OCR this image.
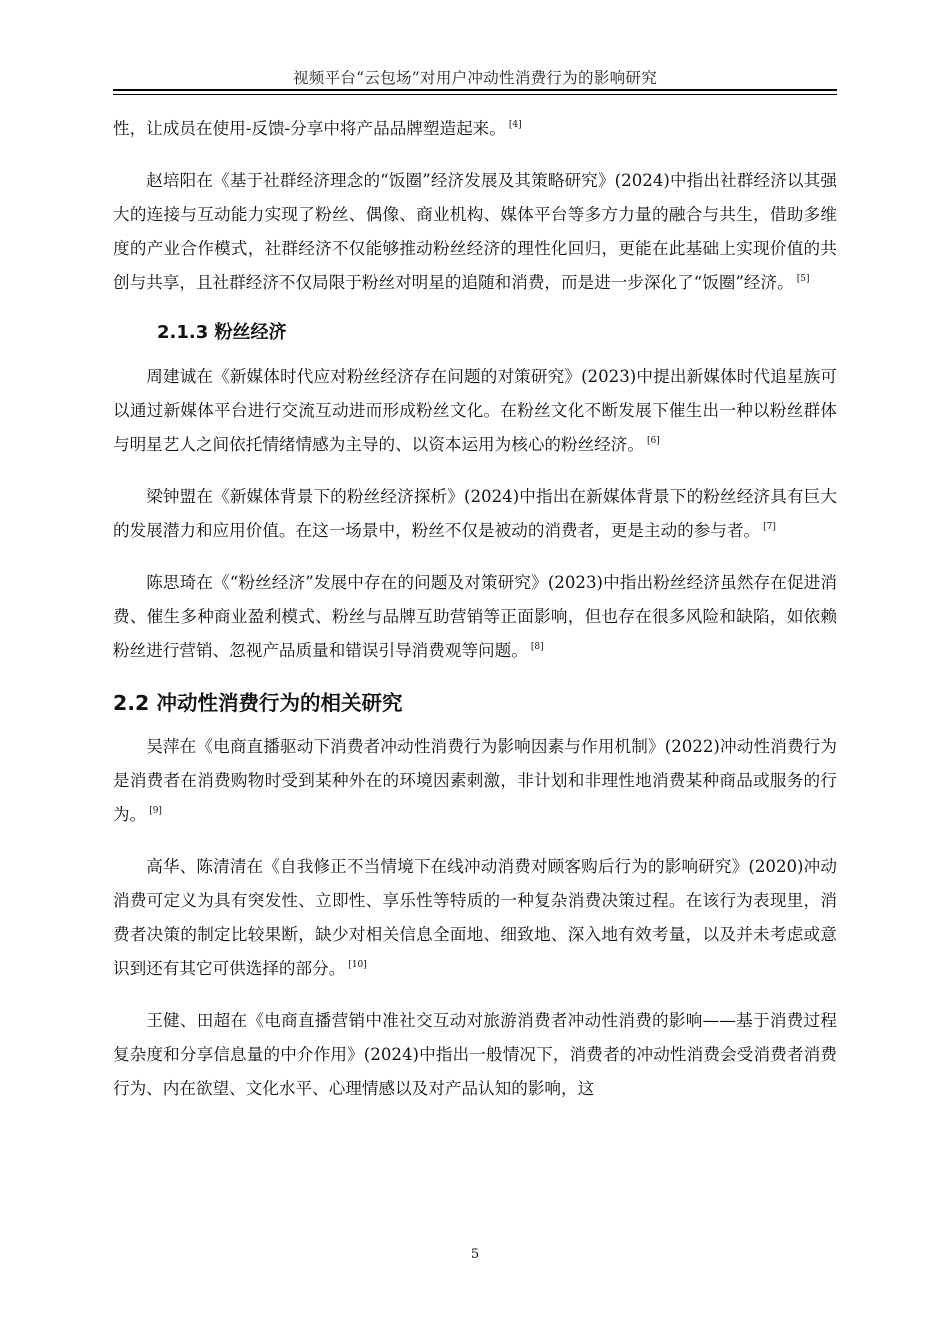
视频平台“云包场”对用户冲动性消费行为的影响研究

性，让成员在使用-反馈-分享中将产品品牌塑造起来。 [4]

赵培阳在《基于社群经济理念的“饭圈”经济发展及其策略研究》(2024)中指出社群经济以其强大的连接与互动能力实现了粉丝、偶像、商业机构、媒体平台等多方力量的融合与共生，借助多维度的产业合作模式，社群经济不仅能够推动粉丝经济的理性化回归，更能在此基础上实现价值的共创与共享，且社群经济不仅局限于粉丝对明星的追随和消费，而是进一步深化了“饭圈”经济。 [5]

2.1.3 粉丝经济

周建诚在《新媒体时代应对粉丝经济存在问题的对策研究》(2023)中提出新媒体时代追星族可以通过新媒体平台进行交流互动进而形成粉丝文化。在粉丝文化不断发展下催生出一种以粉丝群体与明星艺人之间依托情绪情感为主导的、以资本运用为核心的粉丝经济。 [6]

梁钟盟在《新媒体背景下的粉丝经济探析》(2024)中指出在新媒体背景下的粉丝经济具有巨大的发展潜力和应用价值。在这一场景中，粉丝不仅是被动的消费者，更是主动的参与者。 [7]

陈思琦在《“粉丝经济”发展中存在的问题及对策研究》(2023)中指出粉丝经济虽然存在促进消费、催生多种商业盈利模式、粉丝与品牌互助营销等正面影响，但也存在很多风险和缺陷，如依赖粉丝进行营销、忽视产品质量和错误引导消费观等问题。 [8]

2.2 冲动性消费行为的相关研究

吴萍在《电商直播驱动下消费者冲动性消费行为影响因素与作用机制》(2022)冲动性消费行为是消费者在消费购物时受到某种外在的环境因素刺激，非计划和非理性地消费某种商品或服务的行为。 [9]

高华、陈清清在《自我修正不当情境下在线冲动消费对顾客购后行为的影响研究》(2020)冲动消费可定义为具有突发性、立即性、享乐性等特质的一种复杂消费决策过程。在该行为表现里，消费者决策的制定比较果断，缺少对相关信息全面地、细致地、深入地有效考量，以及并未考虑或意识到还有其它可供选择的部分。 [10]

王健、田超在《电商直播营销中准社交互动对旅游消费者冲动性消费的影响——基于消费过程复杂度和分享信息量的中介作用》(2024)中指出一般情况下，消费者的冲动性消费会受消费者消费行为、内在欲望、文化水平、心理情感以及对产品认知的影响，这

5
